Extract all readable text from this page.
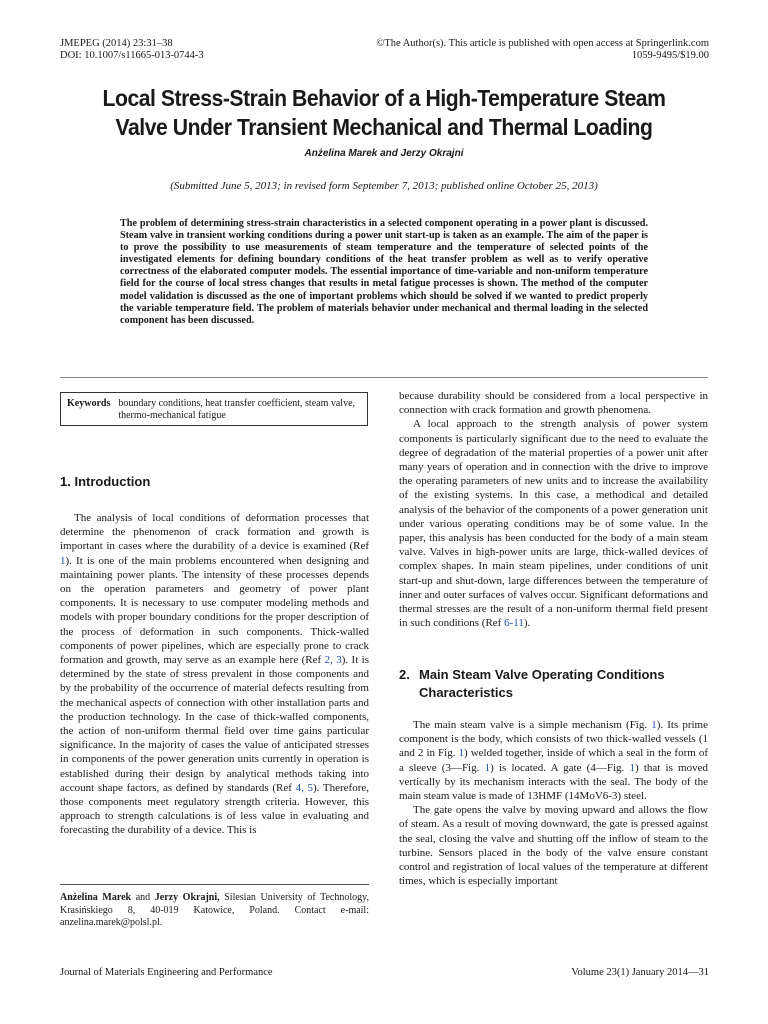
JMEPEG (2014) 23:31–38
DOI: 10.1007/s11665-013-0744-3
©The Author(s). This article is published with open access at Springerlink.com
1059-9495/$19.00
Local Stress-Strain Behavior of a High-Temperature Steam
Valve Under Transient Mechanical and Thermal Loading
Anżelina Marek and Jerzy Okrajni
(Submitted June 5, 2013; in revised form September 7, 2013; published online October 25, 2013)
The problem of determining stress-strain characteristics in a selected component operating in a power plant is discussed. Steam valve in transient working conditions during a power unit start-up is taken as an example. The aim of the paper is to prove the possibility to use measurements of steam temperature and the temperature of selected points of the investigated elements for defining boundary conditions of the heat transfer problem as well as to verify operative correctness of the elaborated computer models. The essential importance of time-variable and non-uniform temperature field for the course of local stress changes that results in metal fatigue processes is shown. The method of the computer model validation is discussed as the one of important problems which should be solved if we wanted to predict properly the variable temperature field. The problem of materials behavior under mechanical and thermal loading in the selected component has been discussed.
Keywords boundary conditions, heat transfer coefficient, steam valve, thermo-mechanical fatigue
1. Introduction

The analysis of local conditions of deformation processes that determine the phenomenon of crack formation and growth is important in cases where the durability of a device is examined (Ref 1). It is one of the main problems encountered when designing and maintaining power plants. The intensity of these processes depends on the operation parameters and geometry of power plant components. It is necessary to use computer modeling methods and models with proper boundary conditions for the proper description of the process of deformation in such components. Thick-walled components of power pipelines, which are especially prone to crack formation and growth, may serve as an example here (Ref 2, 3). It is determined by the state of stress prevalent in those components and by the probability of the occurrence of material defects resulting from the mechanical aspects of connection with other installation parts and the production technology. In the case of thick-walled components, the action of non-uniform thermal field over time gains particular significance. In the majority of cases the value of anticipated stresses in components of the power generation units currently in operation is established during their design by analytical methods taking into account shape factors, as defined by standards (Ref 4, 5). Therefore, those components meet regulatory strength criteria. However, this approach to strength calculations is of less value in evaluating and forecasting the durability of a device. This is

because durability should be considered from a local perspective in connection with crack formation and growth phenomena.

A local approach to the strength analysis of power system components is particularly significant due to the need to evaluate the degree of degradation of the material properties of a power unit after many years of operation and in connection with the drive to improve the operating parameters of new units and to increase the availability of the existing systems. In this case, a methodical and detailed analysis of the behavior of the components of a power generation unit under various operating conditions may be of some value. In the paper, this analysis has been conducted for the body of a main steam valve. Valves in high-power units are large, thick-walled devices of complex shapes. In main steam pipelines, under conditions of unit start-up and shut-down, large differences between the temperature of inner and outer surfaces of valves occur. Significant deformations and thermal stresses are the result of a non-uniform thermal field present in such conditions (Ref 6-11).

2. Main Steam Valve Operating Conditions
Characteristics

The main steam valve is a simple mechanism (Fig. 1). Its prime component is the body, which consists of two thick-walled vessels (1 and 2 in Fig. 1) welded together, inside of which a seal in the form of a sleeve (3—Fig. 1) is located. A gate (4—Fig. 1) that is moved vertically by its mechanism interacts with the seal. The body of the main steam value is made of 13HMF (14MoV6-3) steel.

The gate opens the valve by moving upward and allows the flow of steam. As a result of moving downward, the gate is pressed against the seal, closing the valve and shutting off the inflow of steam to the turbine. Sensors placed in the body of the valve ensure constant control and registration of local values of the temperature at different times, which is especially important

Anżelina Marek and Jerzy Okrajni, Silesian University of Technology, Krasińskiego 8, 40-019 Katowice, Poland. Contact e-mail: anzelina.marek@polsl.pl.
Journal of Materials Engineering and Performance	Volume 23(1) January 2014—31
